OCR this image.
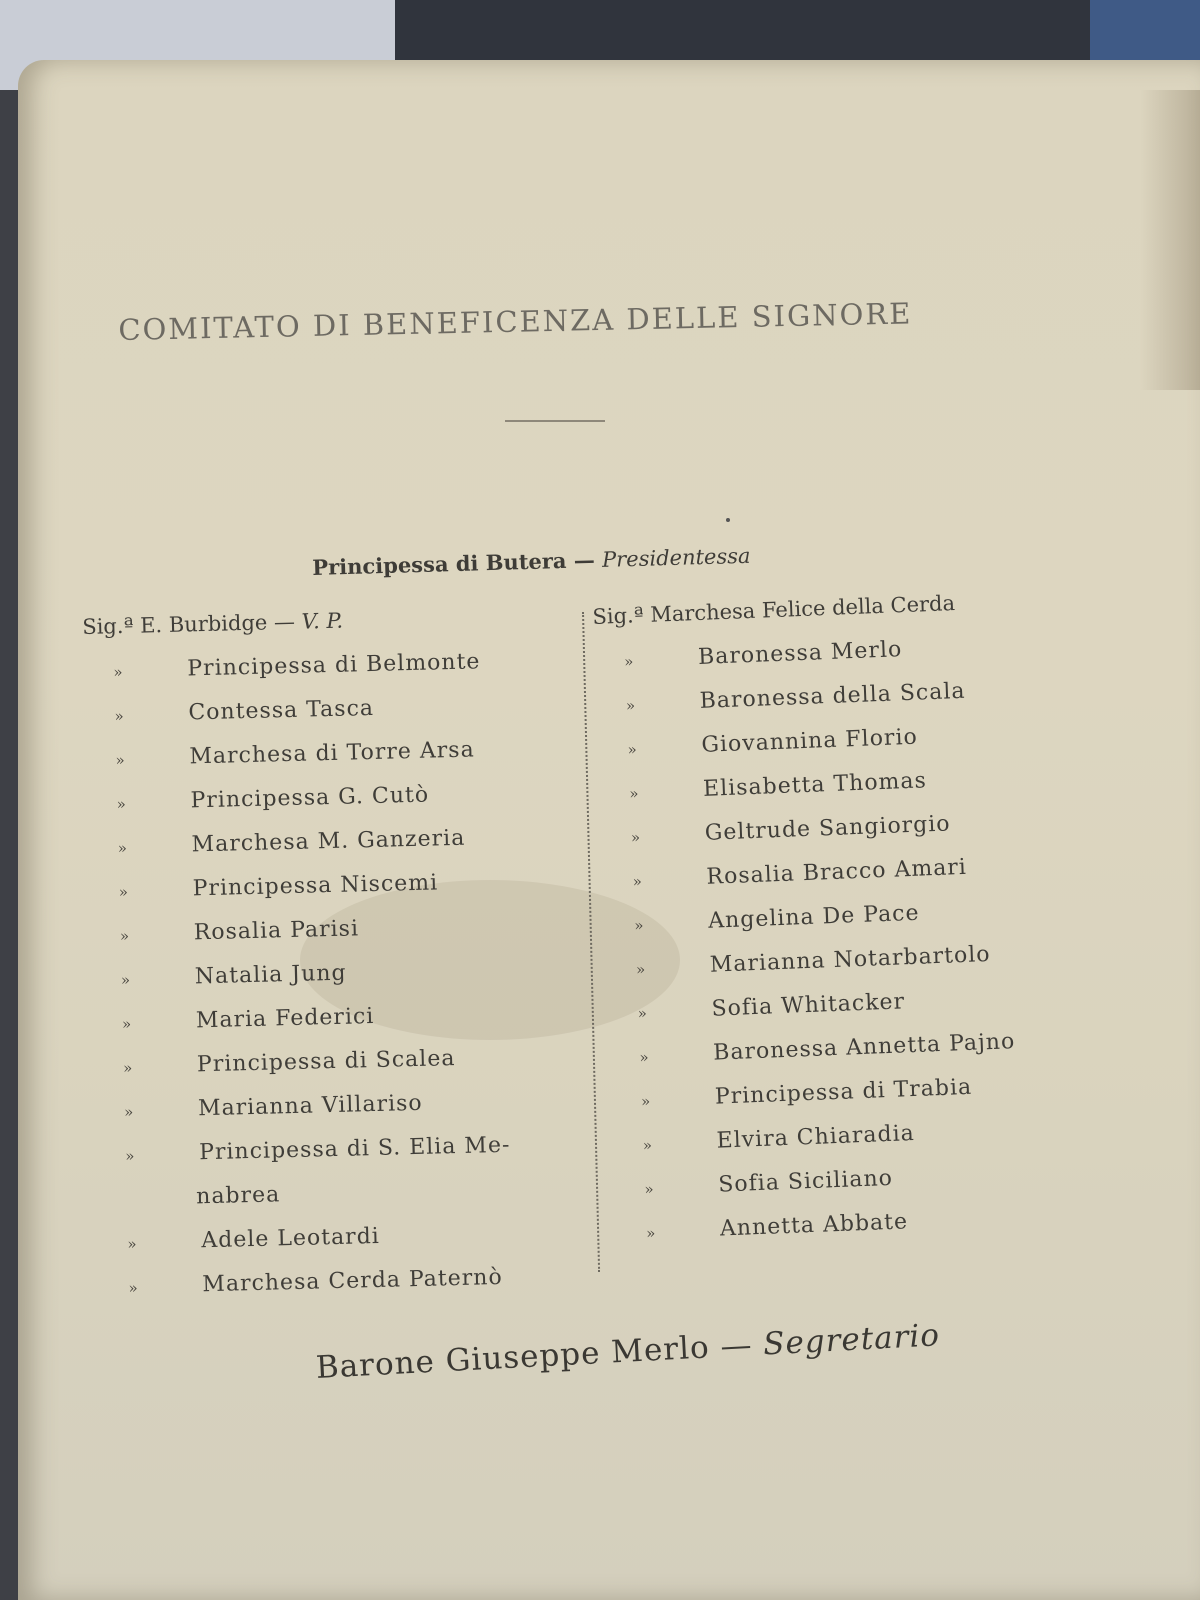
COMITATO DI BENEFICENZA DELLE SIGNORE
Principessa di Butera — Presidentessa
Sig.ª E. Burbidge — V. P.
»	Principessa di Belmonte
»	Contessa Tasca
»	Marchesa di Torre Arsa
»	Principessa G. Cutò
»	Marchesa M. Ganzeria
»	Principessa Niscemi
»	Rosalia Parisi
»	Natalia Jung
»	Maria Federici
»	Principessa di Scalea
»	Marianna Villariso
»	Principessa di S. Elia Me-
nabrea
»	Adele Leotardi
»	Marchesa Cerda Paternò
Sig.ª Marchesa Felice della Cerda
»	Baronessa Merlo
»	Baronessa della Scala
»	Giovannina Florio
»	Elisabetta Thomas
»	Geltrude Sangiorgio
»	Rosalia Bracco Amari
»	Angelina De Pace
»	Marianna Notarbartolo
»	Sofia Whitacker
»	Baronessa Annetta Pajno
»	Principessa di Trabia
»	Elvira Chiaradia
»	Sofia Siciliano
»	Annetta Abbate
Barone Giuseppe Merlo — Segretario
